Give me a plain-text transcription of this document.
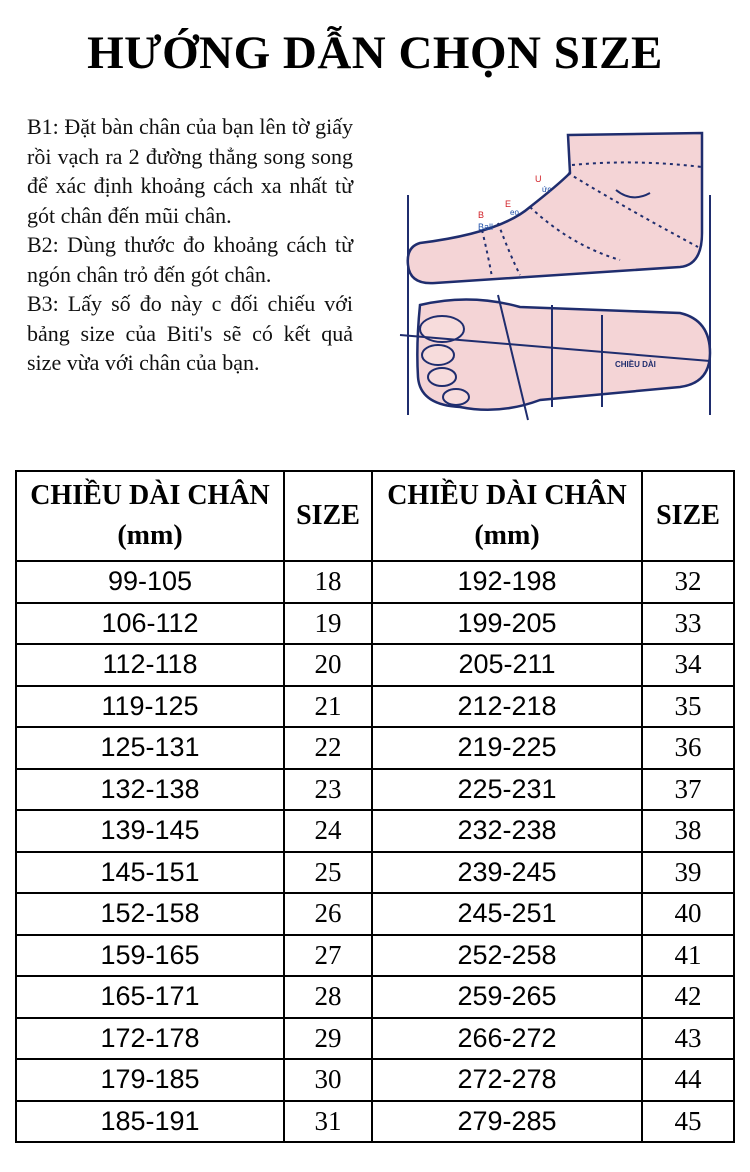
HƯỚNG DẪN CHỌN SIZE

B1: Đặt bàn chân của bạn lên tờ giấy rồi vạch ra 2 đường thẳng song song để xác định khoảng cách xa nhất từ gót chân đến mũi chân.

B2: Dùng thước đo khoảng cách từ ngón chân trỏ đến gót chân.

B3: Lấy số đo này c đối chiếu với bảng size của Biti's sẽ có kết quả size vừa với chân của bạn.

B
Ball
E
eo
U
ức
CHIỀU DÀI
CHIỀU DÀI CHÂN
(mm)	SIZE	CHIỀU DÀI CHÂN
(mm)	SIZE
99-105	18	192-198	32
106-112	19	199-205	33
112-118	20	205-211	34
119-125	21	212-218	35
125-131	22	219-225	36
132-138	23	225-231	37
139-145	24	232-238	38
145-151	25	239-245	39
152-158	26	245-251	40
159-165	27	252-258	41
165-171	28	259-265	42
172-178	29	266-272	43
179-185	30	272-278	44
185-191	31	279-285	45
